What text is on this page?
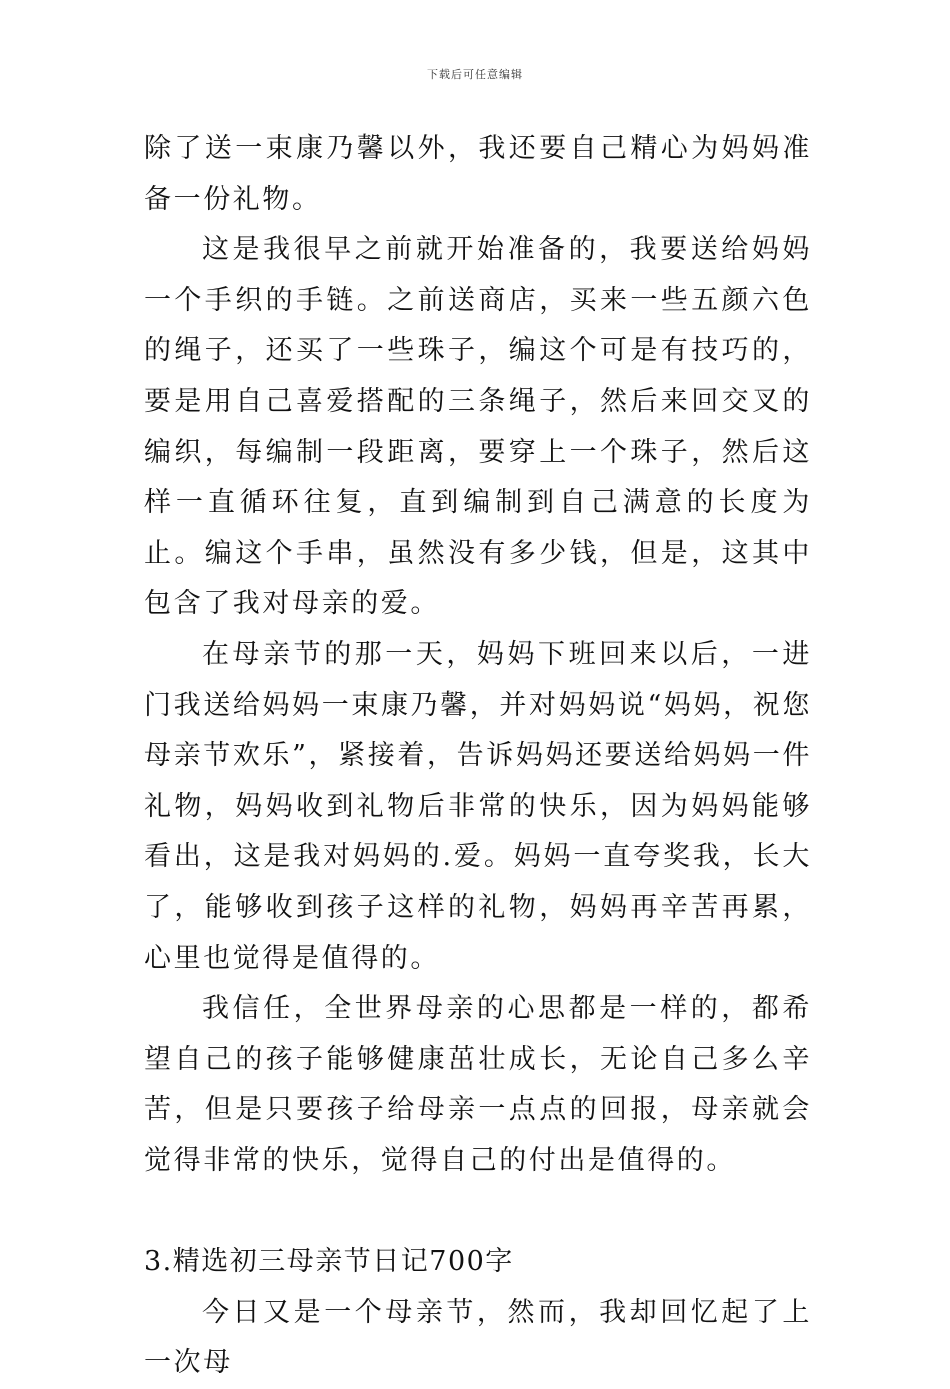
下载后可任意编辑

除了送一束康乃馨以外，我还要自己精心为妈妈准备一份礼物。

这是我很早之前就开始准备的，我要送给妈妈一个手织的手链。之前送商店，买来一些五颜六色的绳子，还买了一些珠子，编这个可是有技巧的，要是用自己喜爱搭配的三条绳子，然后来回交叉的编织，每编制一段距离，要穿上一个珠子，然后这样一直循环往复，直到编制到自己满意的长度为止。编这个手串，虽然没有多少钱，但是，这其中包含了我对母亲的爱。

在母亲节的那一天，妈妈下班回来以后，一进门我送给妈妈一束康乃馨，并对妈妈说“妈妈，祝您母亲节欢乐”，紧接着，告诉妈妈还要送给妈妈一件礼物，妈妈收到礼物后非常的快乐，因为妈妈能够看出，这是我对妈妈的.爱。妈妈一直夸奖我，长大了，能够收到孩子这样的礼物，妈妈再辛苦再累，心里也觉得是值得的。

我信任，全世界母亲的心思都是一样的，都希望自己的孩子能够健康茁壮成长，无论自己多么辛苦，但是只要孩子给母亲一点点的回报，母亲就会觉得非常的快乐，觉得自己的付出是值得的。

3.精选初三母亲节日记700字

今日又是一个母亲节，然而，我却回忆起了上一次母
